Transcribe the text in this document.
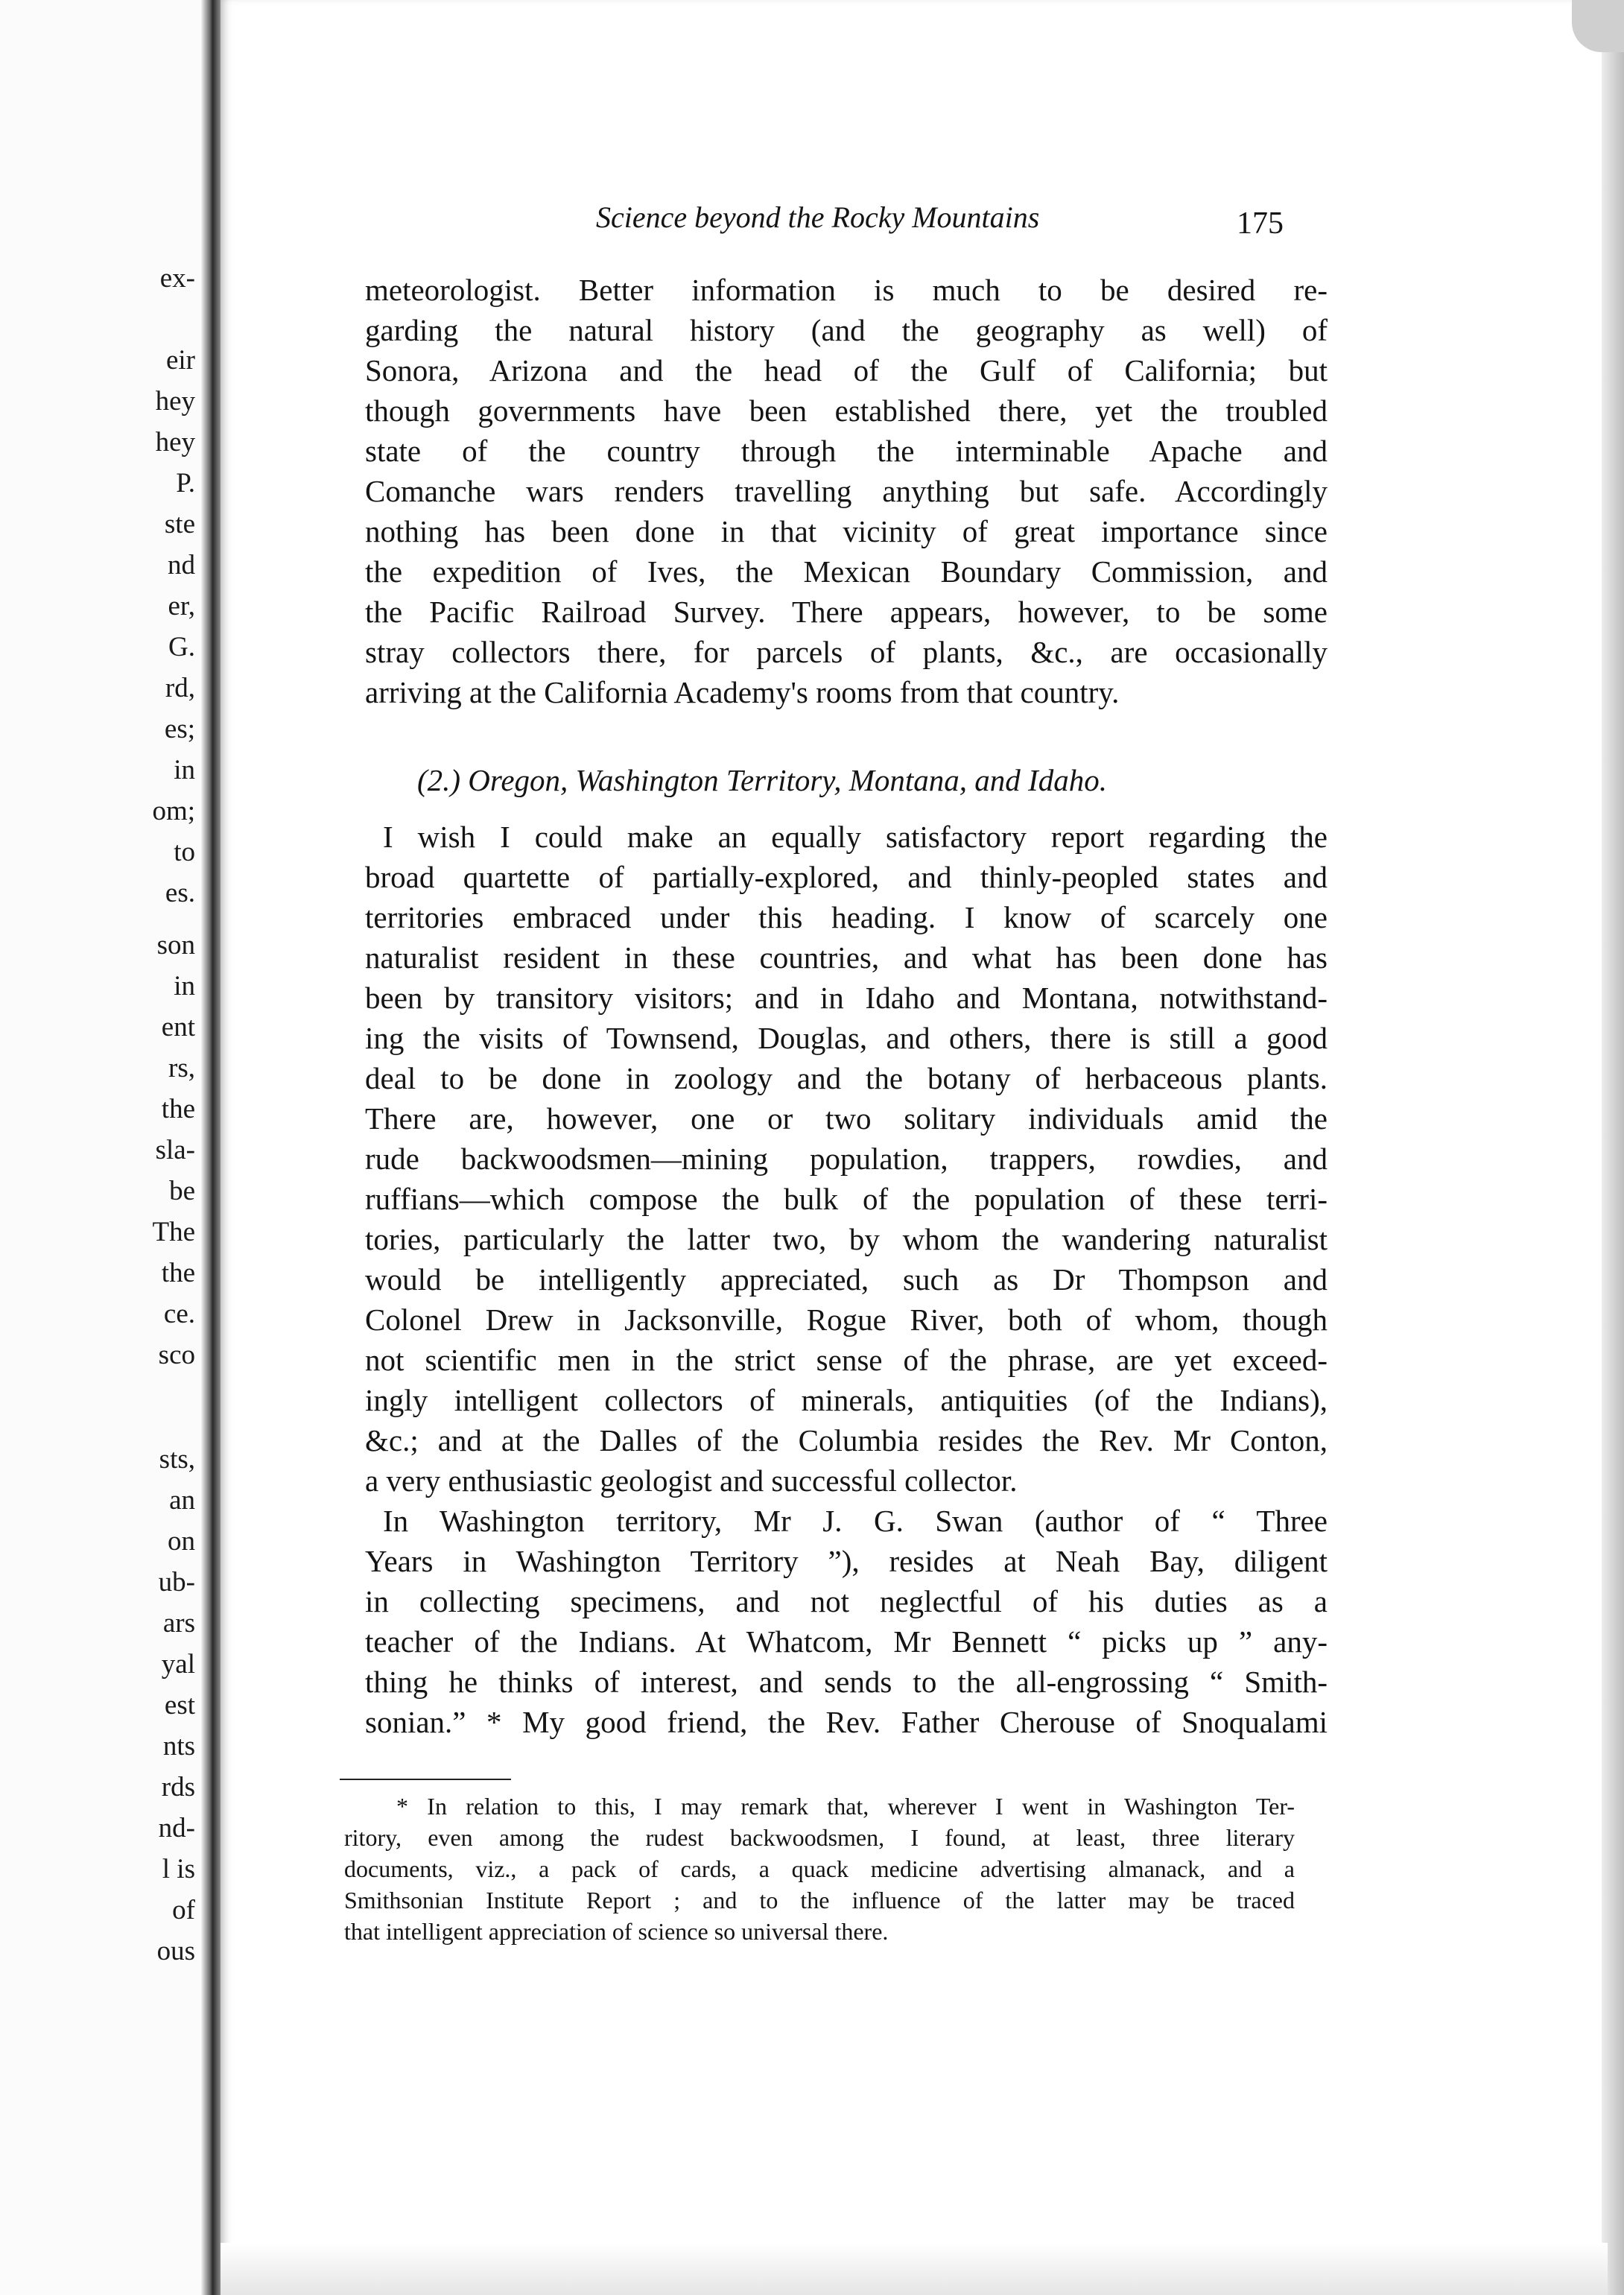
ex-
eir
hey
hey
P.
ste
nd
er,
G.
rd,
es;
in
om;
to
es.
son
in
ent
rs,
the
sla-
be
The
the
ce.
sco
sts,
an
on
ub-
ars
yal
est
nts
rds
nd-
l is
of
ous
Science beyond the Rocky Mountains	175
meteorologist. Better information is much to be desired re-
garding the natural history (and the geography as well) of
Sonora, Arizona and the head of the Gulf of California; but
though governments have been established there, yet the troubled
state of the country through the interminable Apache and
Comanche wars renders travelling anything but safe. Accordingly
nothing has been done in that vicinity of great importance since
the expedition of Ives, the Mexican Boundary Commission, and
the Pacific Railroad Survey. There appears, however, to be some
stray collectors there, for parcels of plants, &c., are occasionally
arriving at the California Academy's rooms from that country.
(2.) Oregon, Washington Territory, Montana, and Idaho.
I wish I could make an equally satisfactory report regarding the
broad quartette of partially-explored, and thinly-peopled states and
territories embraced under this heading. I know of scarcely one
naturalist resident in these countries, and what has been done has
been by transitory visitors; and in Idaho and Montana, notwithstand-
ing the visits of Townsend, Douglas, and others, there is still a good
deal to be done in zoology and the botany of herbaceous plants.
There are, however, one or two solitary individuals amid the
rude backwoodsmen—mining population, trappers, rowdies, and
ruffians—which compose the bulk of the population of these terri-
tories, particularly the latter two, by whom the wandering naturalist
would be intelligently appreciated, such as Dr Thompson and
Colonel Drew in Jacksonville, Rogue River, both of whom, though
not scientific men in the strict sense of the phrase, are yet exceed-
ingly intelligent collectors of minerals, antiquities (of the Indians),
&c.; and at the Dalles of the Columbia resides the Rev. Mr Conton,
a very enthusiastic geologist and successful collector.
In Washington territory, Mr J. G. Swan (author of “ Three
Years in Washington Territory ”), resides at Neah Bay, diligent
in collecting specimens, and not neglectful of his duties as a
teacher of the Indians. At Whatcom, Mr Bennett “ picks up ” any-
thing he thinks of interest, and sends to the all-engrossing “ Smith-
sonian.” * My good friend, the Rev. Father Cherouse of Snoqualami
* In relation to this, I may remark that, wherever I went in Washington Ter-
ritory, even among the rudest backwoodsmen, I found, at least, three literary
documents, viz., a pack of cards, a quack medicine advertising almanack, and a
Smithsonian Institute Report ; and to the influence of the latter may be traced
that intelligent appreciation of science so universal there.
